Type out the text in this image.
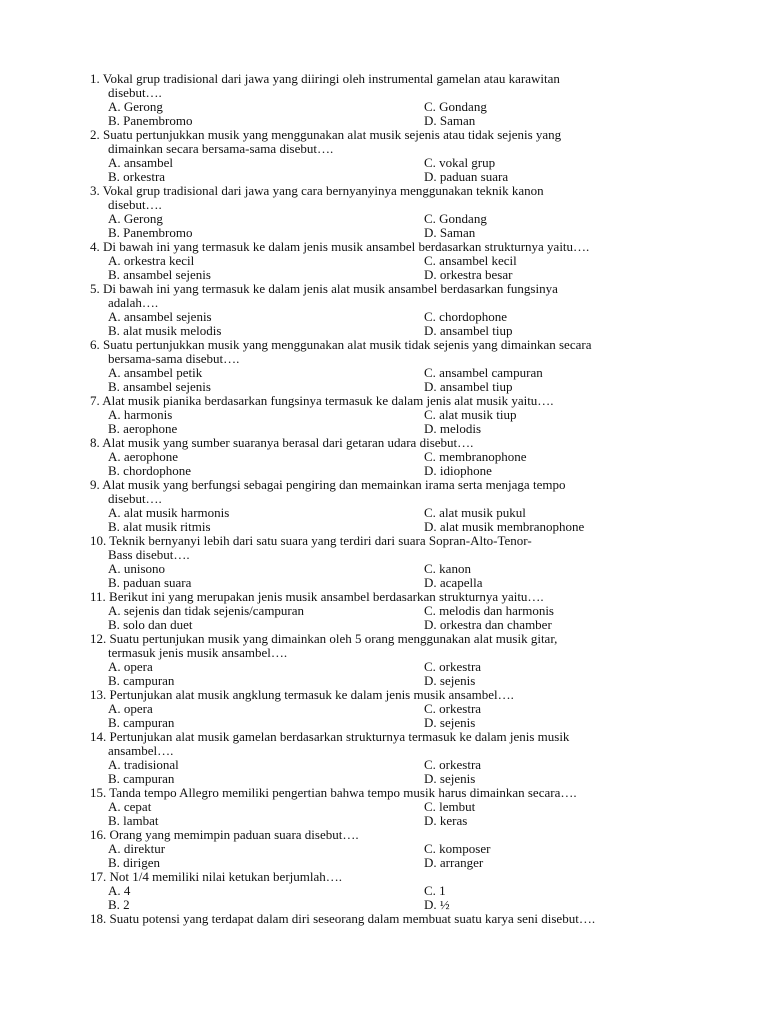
1. Vokal grup tradisional dari jawa yang diiringi oleh instrumental gamelan atau karawitan
disebut….
A. Gerong
B. Panembromo
C. Gondang
D. Saman
2. Suatu pertunjukkan musik yang menggunakan alat musik sejenis atau tidak sejenis yang
dimainkan secara bersama-sama disebut….
A. ansambel
B. orkestra
C. vokal grup
D. paduan suara
3. Vokal grup tradisional dari jawa yang cara bernyanyinya menggunakan teknik kanon
disebut….
A. Gerong
B. Panembromo
C. Gondang
D. Saman
4. Di bawah ini yang termasuk ke dalam jenis musik ansambel berdasarkan strukturnya yaitu….
A. orkestra kecil
B. ansambel sejenis
C. ansambel kecil
D. orkestra besar
5. Di bawah ini yang termasuk ke dalam jenis alat musik ansambel berdasarkan fungsinya
adalah….
A. ansambel sejenis
B. alat musik melodis
C. chordophone
D. ansambel tiup
6. Suatu pertunjukkan musik yang menggunakan alat musik tidak sejenis yang dimainkan secara
bersama-sama disebut….
A. ansambel petik
B. ansambel sejenis
C. ansambel campuran
D. ansambel tiup
7. Alat musik pianika berdasarkan fungsinya termasuk ke dalam jenis alat musik yaitu….
A. harmonis
B. aerophone
C. alat musik tiup
D. melodis
8. Alat musik yang sumber suaranya berasal dari getaran udara disebut….
A. aerophone
B. chordophone
C. membranophone
D. idiophone
9. Alat musik yang berfungsi sebagai pengiring dan memainkan irama serta menjaga tempo
disebut….
A. alat musik harmonis
B. alat musik ritmis
C. alat musik pukul
D. alat musik membranophone
10. Teknik bernyanyi lebih dari satu suara yang terdiri dari suara Sopran-Alto-Tenor-
Bass disebut….
A. unisono
B. paduan suara
C. kanon
D. acapella
11. Berikut ini yang merupakan jenis musik ansambel berdasarkan strukturnya yaitu….
A. sejenis dan tidak sejenis/campuran
B. solo dan duet
C. melodis dan harmonis
D. orkestra dan chamber
12. Suatu pertunjukan musik yang dimainkan oleh 5 orang menggunakan alat musik gitar,
termasuk jenis musik ansambel….
A. opera
B. campuran
C. orkestra
D. sejenis
13. Pertunjukan alat musik angklung termasuk ke dalam jenis musik ansambel….
A. opera
B. campuran
C. orkestra
D. sejenis
14. Pertunjukan alat musik gamelan berdasarkan strukturnya termasuk ke dalam jenis musik
ansambel….
A. tradisional
B. campuran
C. orkestra
D. sejenis
15. Tanda tempo Allegro memiliki pengertian bahwa tempo musik harus dimainkan secara….
A. cepat
B. lambat
C. lembut
D. keras
16. Orang yang memimpin paduan suara disebut….
A. direktur
B. dirigen
C. komposer
D. arranger
17. Not 1/4 memiliki nilai ketukan berjumlah….
A. 4
B. 2
C. 1
D. ½
18. Suatu potensi yang terdapat dalam diri seseorang dalam membuat suatu karya seni disebut….
